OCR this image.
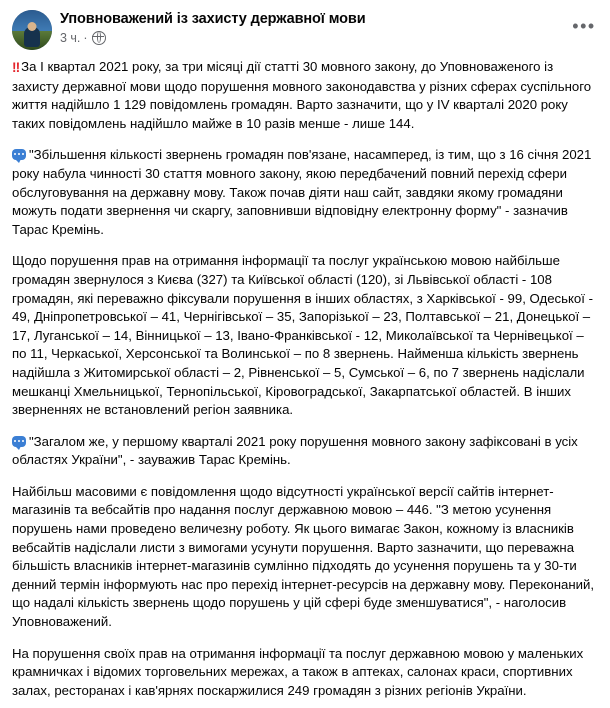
Уповноважений із захисту державної мови
3 ч. ·
•••

‼ За І квартал 2021 року, за три місяці дії статті 30 мовного закону, до Уповноваженого із захисту державної мови щодо порушення мовного законодавства у різних сферах суспільного життя надійшло 1 129 повідомлень громадян. Варто зазначити, що у ІV кварталі 2020 року таких повідомлень надійшло майже в 10 разів менше - лише 144.

"Збільшення кількості звернень громадян пов'язане, насамперед, із тим, що з 16 січня 2021 року набула чинності 30 стаття мовного закону, якою передбачений повний перехід сфери обслуговування на державну мову. Також почав діяти наш сайт, завдяки якому громадяни можуть подати звернення чи скаргу, заповнивши відповідну електронну форму" - зазначив Тарас Кремінь.

Щодо порушення прав на отримання інформації та послуг українською мовою найбільше громадян звернулося з Києва (327) та Київської області (120), зі Львівської області - 108 громадян, які переважно фіксували порушення в інших областях, з Харківської - 99, Одеської - 49, Дніпропетровської – 41, Чернігівської – 35, Запорізької – 23, Полтавської – 21, Донецької – 17, Луганської – 14, Вінницької – 13, Івано-Франківської - 12, Миколаївської та Чернівецької – по 11, Черкаської, Херсонської та Волинської – по 8 звернень. Найменша кількість звернень надійшла з Житомирської області – 2, Рівненської – 5, Сумської – 6, по 7 звернень надіслали мешканці Хмельницької, Тернопільської, Кіровоградської, Закарпатської областей. В інших зверненнях не встановлений регіон заявника.

"Загалом же, у першому кварталі 2021 року порушення мовного закону зафіксовані в усіх областях України", - зауважив Тарас Кремінь.

Найбільш масовими є повідомлення щодо відсутності української версії сайтів інтернет-магазинів та вебсайтів про надання послуг державною мовою – 446. "З метою усунення порушень нами проведено величезну роботу. Як цього вимагає Закон, кожному із власників вебсайтів надіслали листи з вимогами усунути порушення. Варто зазначити, що переважна більшість власників інтернет-магазинів сумлінно підходять до усунення порушень та у 30-ти денний термін інформують нас про перехід інтернет-ресурсів на державну мову. Переконаний, що надалі кількість звернень щодо порушень у цій сфері буде зменшуватися", - наголосив Уповноважений.

На порушення своїх прав на отримання інформації та послуг державною мовою у маленьких крамничках і відомих торговельних мережах, а також в аптеках, салонах краси, спортивних залах, ресторанах і кав'ярнях поскаржилися 249 громадян з різних регіонів України.
